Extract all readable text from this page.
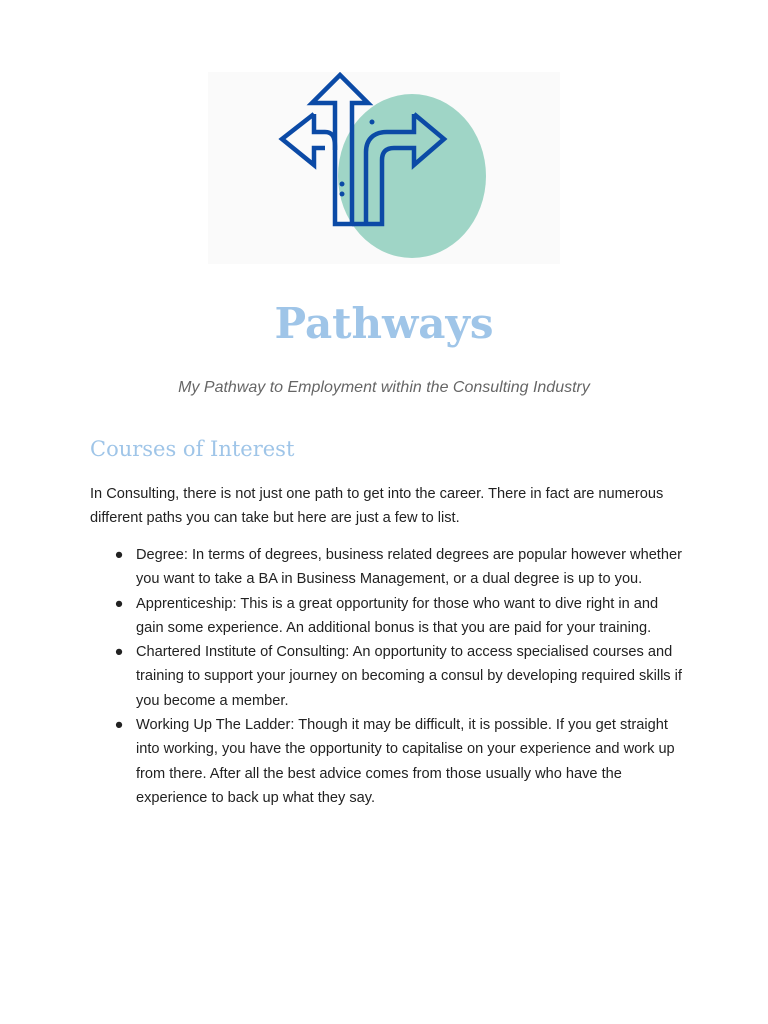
Pathways

My Pathway to Employment within the Consulting Industry

Courses of Interest

In Consulting, there is not just one path to get into the career. There in fact are numerous different paths you can take but here are just a few to list.

● Degree: In terms of degrees, business related degrees are popular however whether you want to take a BA in Business Management, or a dual degree is up to you.
● Apprenticeship: This is a great opportunity for those who want to dive right in and gain some experience. An additional bonus is that you are paid for your training.
● Chartered Institute of Consulting: An opportunity to access specialised courses and training to support your journey on becoming a consul by developing required skills if you become a member.
● Working Up The Ladder: Though it may be difficult, it is possible. If you get straight into working, you have the opportunity to capitalise on your experience and work up from there. After all the best advice comes from those usually who have the experience to back up what they say.
